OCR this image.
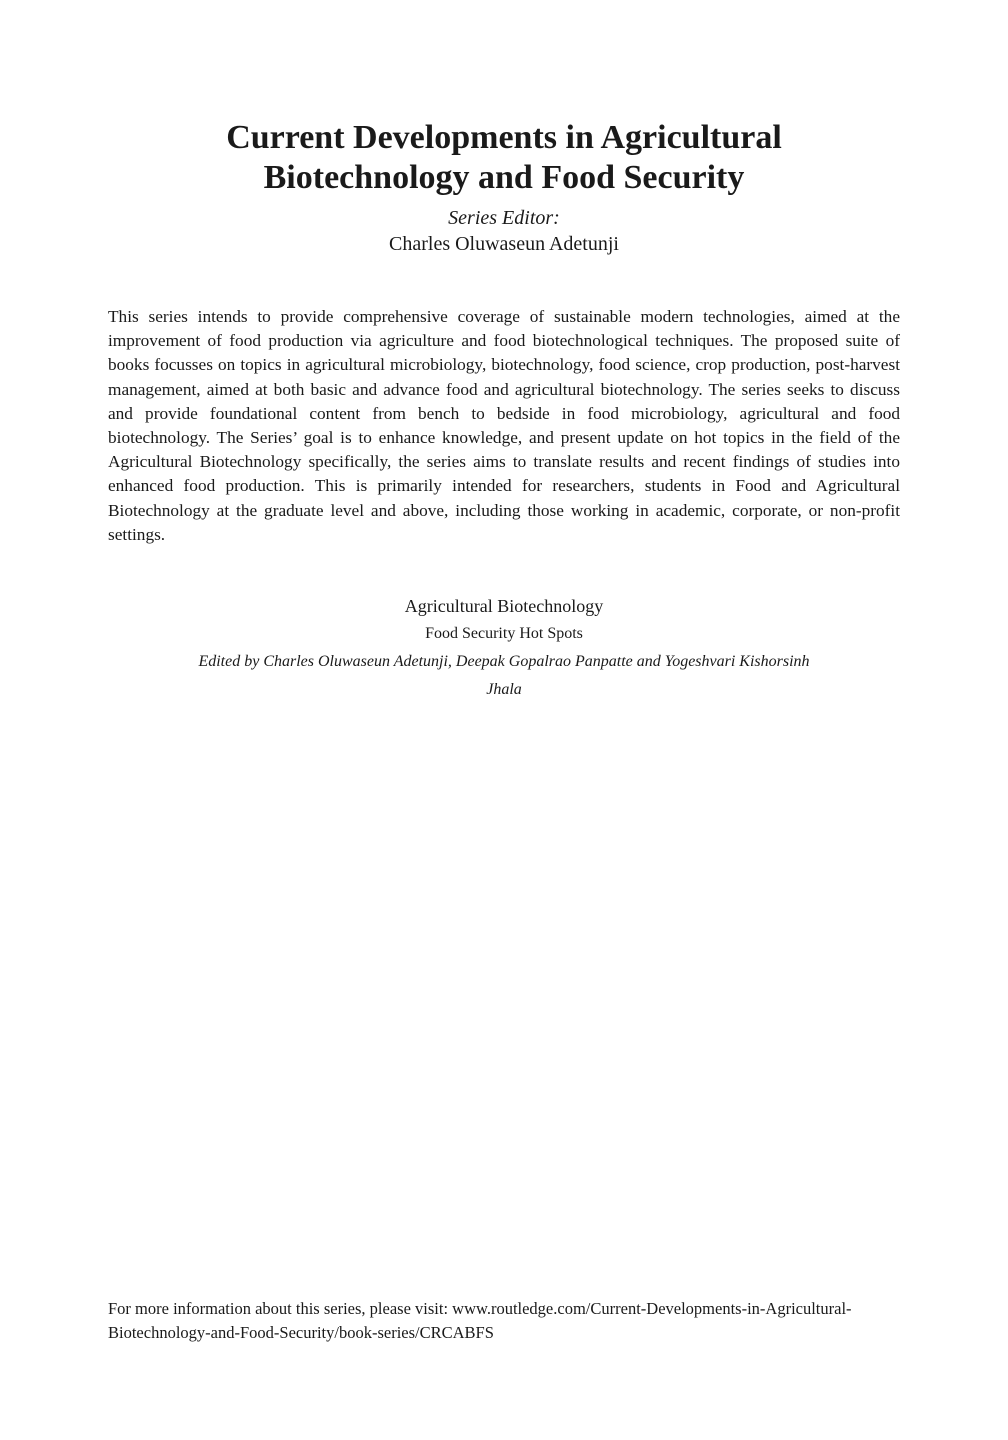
Current Developments in Agricultural
Biotechnology and Food Security
Series Editor:
Charles Oluwaseun Adetunji

This series intends to provide comprehensive coverage of sustainable modern technologies, aimed at the improvement of food production via agriculture and food biotechnological techniques. The proposed suite of books focusses on topics in agricultural microbiology, biotechnology, food science, crop production, post-harvest management, aimed at both basic and advance food and agricultural biotechnology. The series seeks to discuss and provide foundational content from bench to bedside in food microbiology, agricultural and food biotechnology. The Series’ goal is to enhance knowledge, and present update on hot topics in the field of the Agricultural Biotechnology specifically, the series aims to translate results and recent findings of studies into enhanced food production. This is primarily intended for researchers, students in Food and Agricultural Biotechnology at the graduate level and above, including those working in academic, corporate, or non-profit settings.

Agricultural Biotechnology
Food Security Hot Spots
Edited by Charles Oluwaseun Adetunji, Deepak Gopalrao Panpatte and Yogeshvari Kishorsinh Jhala

For more information about this series, please visit: www.routledge.com/Current-Developments-in-Agricultural-Biotechnology-and-Food-Security/book-series/CRCABFS
